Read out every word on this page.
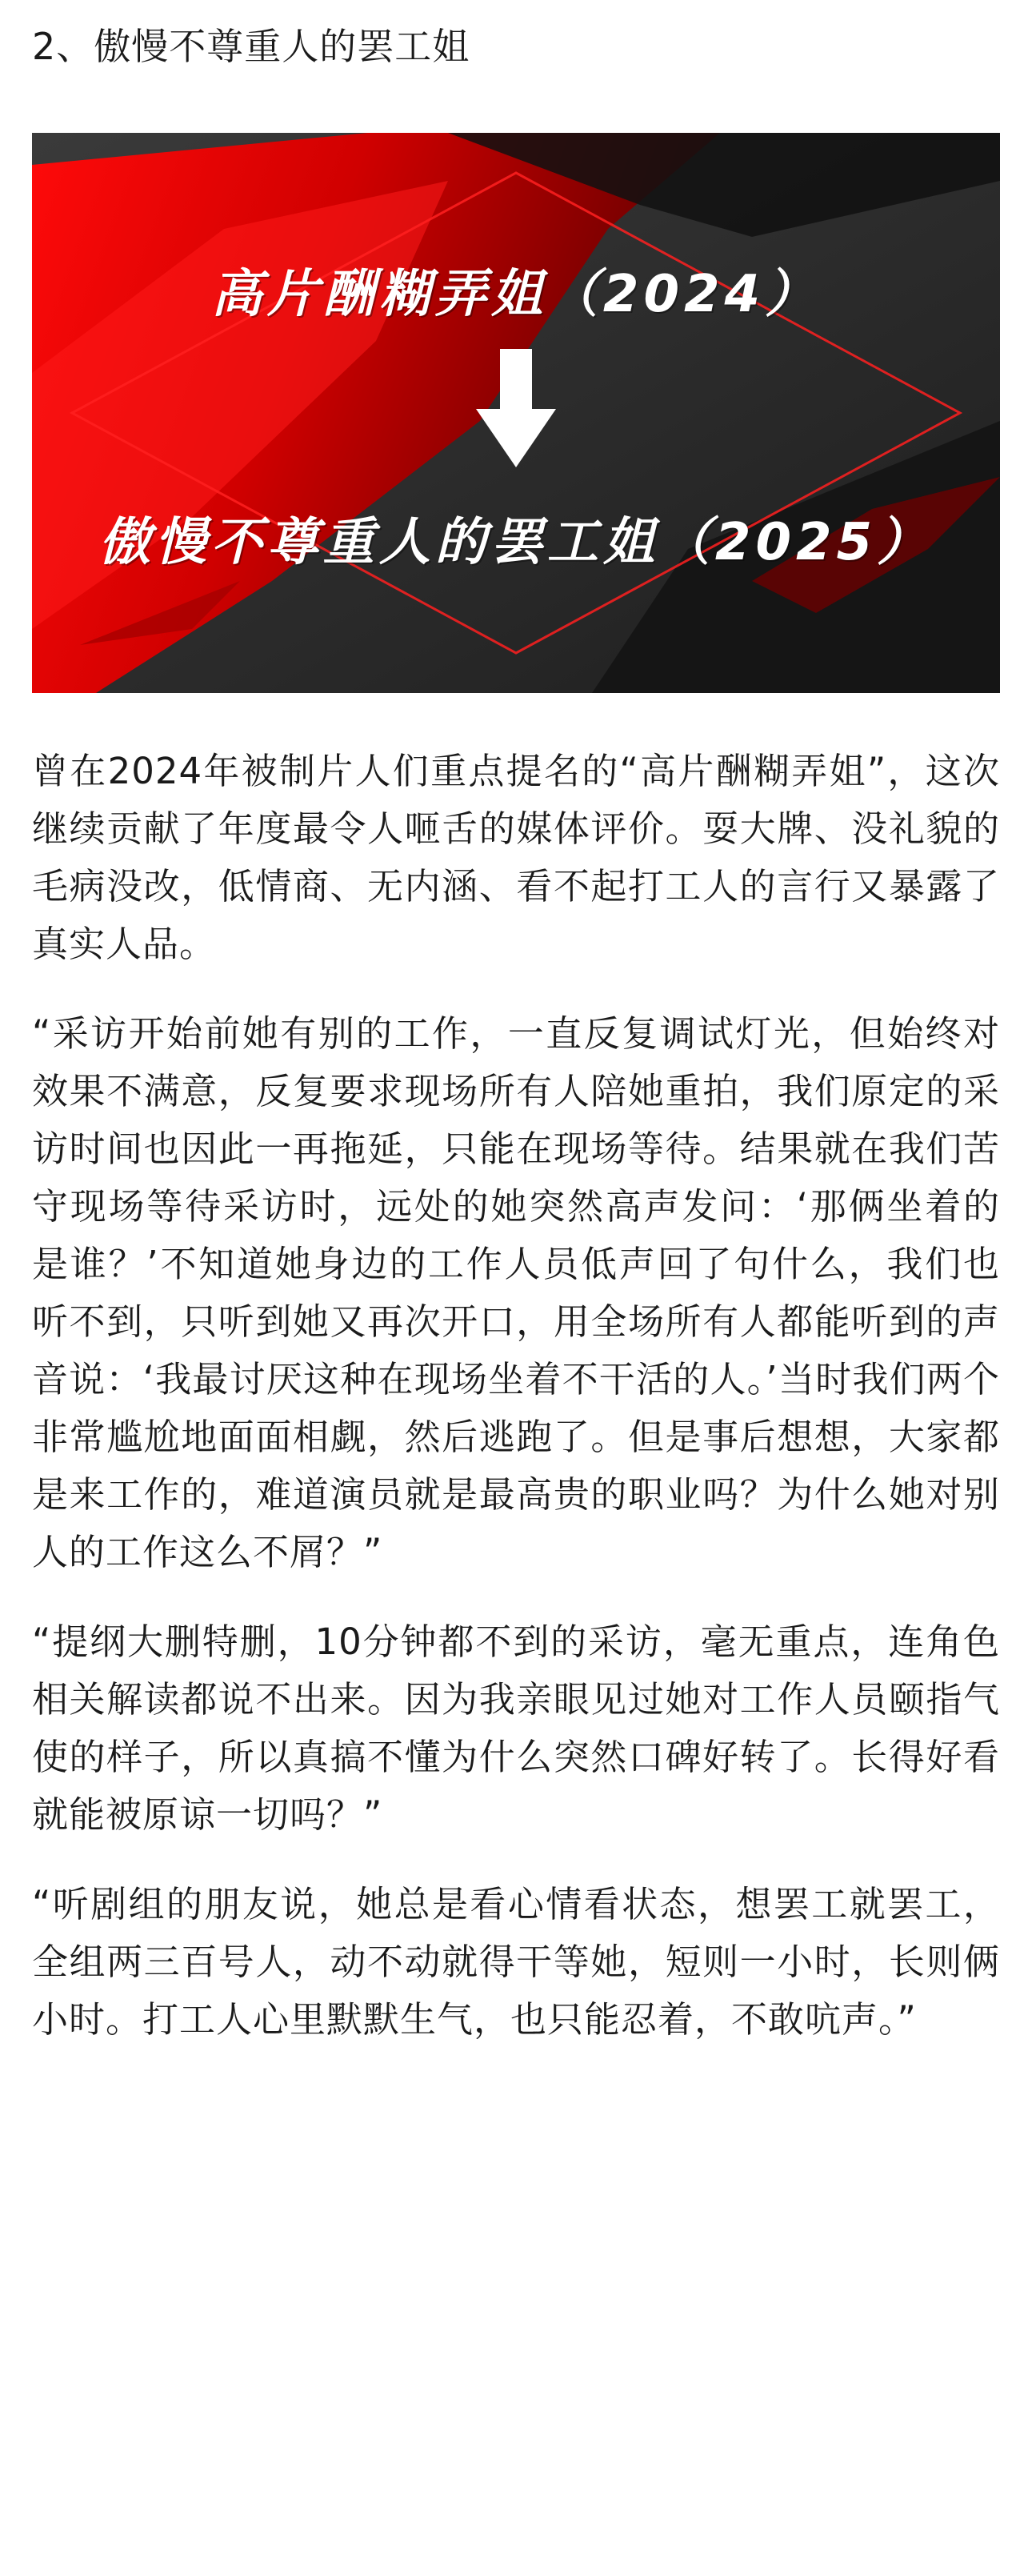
2、傲慢不尊重人的罢工姐
高片酬糊弄姐（2024）
傲慢不尊重人的罢工姐（2025）

曾在2024年被制片人们重点提名的“高片酬糊弄姐”，这次继续贡献了年度最令人咂舌的媒体评价。耍大牌、没礼貌的毛病没改，低情商、无内涵、看不起打工人的言行又暴露了真实人品。

“采访开始前她有别的工作，一直反复调试灯光，但始终对效果不满意，反复要求现场所有人陪她重拍，我们原定的采访时间也因此一再拖延，只能在现场等待。结果就在我们苦守现场等待采访时，远处的她突然高声发问：‘那俩坐着的是谁？’不知道她身边的工作人员低声回了句什么，我们也听不到，只听到她又再次开口，用全场所有人都能听到的声音说：‘我最讨厌这种在现场坐着不干活的人。’当时我们两个非常尴尬地面面相觑，然后逃跑了。但是事后想想，大家都是来工作的，难道演员就是最高贵的职业吗？为什么她对别人的工作这么不屑？”

“提纲大删特删，10分钟都不到的采访，毫无重点，连角色相关解读都说不出来。因为我亲眼见过她对工作人员颐指气使的样子，所以真搞不懂为什么突然口碑好转了。长得好看就能被原谅一切吗？”

“听剧组的朋友说，她总是看心情看状态，想罢工就罢工，全组两三百号人，动不动就得干等她，短则一小时，长则俩小时。打工人心里默默生气，也只能忍着，不敢吭声。”
